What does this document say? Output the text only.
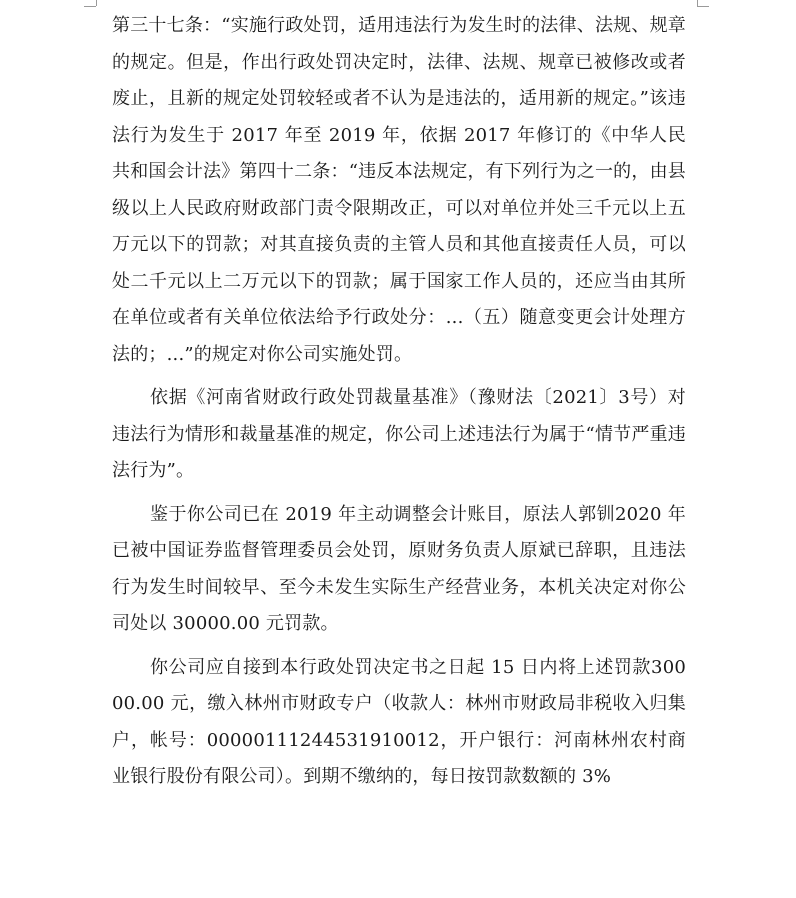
第三十七条：“实施行政处罚，适用违法行为发生时的法律、法规、规章的规定。但是，作出行政处罚决定时，法律、法规、规章已被修改或者废止，且新的规定处罚较轻或者不认为是违法的，适用新的规定。”该违法行为发生于 2017 年至 2019 年，依据 2017 年修订的《中华人民共和国会计法》第四十二条：“违反本法规定，有下列行为之一的，由县级以上人民政府财政部门责令限期改正，可以对单位并处三千元以上五万元以下的罚款；对其直接负责的主管人员和其他直接责任人员，可以处二千元以上二万元以下的罚款；属于国家工作人员的，还应当由其所在单位或者有关单位依法给予行政处分：...（五）随意变更会计处理方法的；...”的规定对你公司实施处罚。

依据《河南省财政行政处罚裁量基准》（豫财法〔2021〕3号）对违法行为情形和裁量基准的规定，你公司上述违法行为属于“情节严重违法行为”。

鉴于你公司已在 2019 年主动调整会计账目，原法人郭钏2020 年已被中国证券监督管理委员会处罚，原财务负责人原斌已辞职，且违法行为发生时间较早、至今未发生实际生产经营业务，本机关决定对你公司处以 30000.00 元罚款。

你公司应自接到本行政处罚决定书之日起 15 日内将上述罚款30000.00 元，缴入林州市财政专户（收款人：林州市财政局非税收入归集户，帐号：00000111244531910012，开户银行：河南林州农村商业银行股份有限公司）。到期不缴纳的，每日按罚款数额的 3%
